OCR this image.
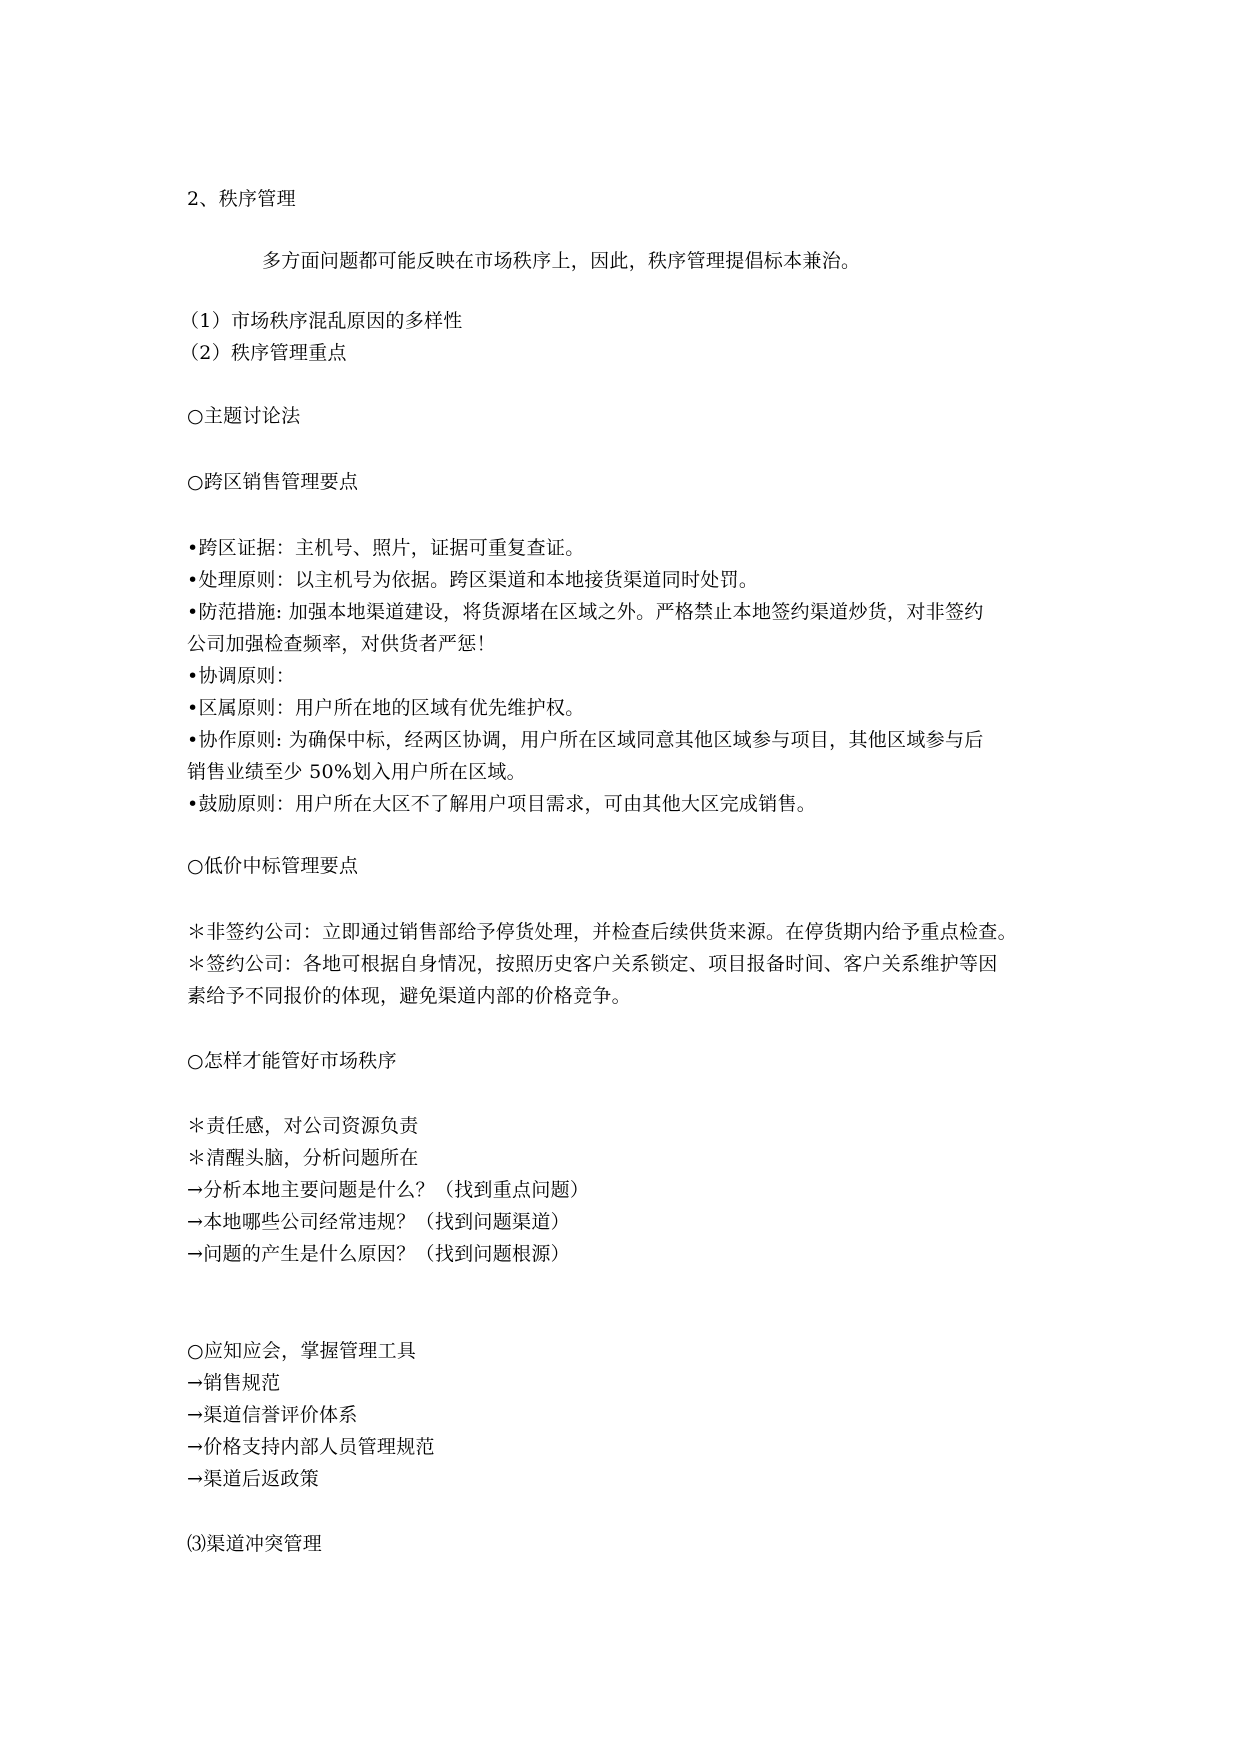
2、秩序管理
多方面问题都可能反映在市场秩序上，因此，秩序管理提倡标本兼治。
（1）市场秩序混乱原因的多样性
（2）秩序管理重点
○主题讨论法
○跨区销售管理要点
•跨区证据：主机号、照片，证据可重复查证。
•处理原则：以主机号为依据。跨区渠道和本地接货渠道同时处罚。
•防范措施: 加强本地渠道建设，将货源堵在区域之外。严格禁止本地签约渠道炒货，对非签约
公司加强检查频率，对供货者严惩！
•协调原则：
•区属原则：用户所在地的区域有优先维护权。
•协作原则: 为确保中标，经两区协调，用户所在区域同意其他区域参与项目，其他区域参与后
销售业绩至少 50%划入用户所在区域。
•鼓励原则：用户所在大区不了解用户项目需求，可由其他大区完成销售。
○低价中标管理要点
＊非签约公司：立即通过销售部给予停货处理，并检查后续供货来源。在停货期内给予重点检查。
＊签约公司：各地可根据自身情况，按照历史客户关系锁定、项目报备时间、客户关系维护等因
素给予不同报价的体现，避免渠道内部的价格竞争。
○怎样才能管好市场秩序
＊责任感，对公司资源负责
＊清醒头脑，分析问题所在
→分析本地主要问题是什么？（找到重点问题）
→本地哪些公司经常违规？（找到问题渠道）
→问题的产生是什么原因？（找到问题根源）
○应知应会，掌握管理工具
→销售规范
→渠道信誉评价体系
→价格支持内部人员管理规范
→渠道后返政策
⑶渠道冲突管理
